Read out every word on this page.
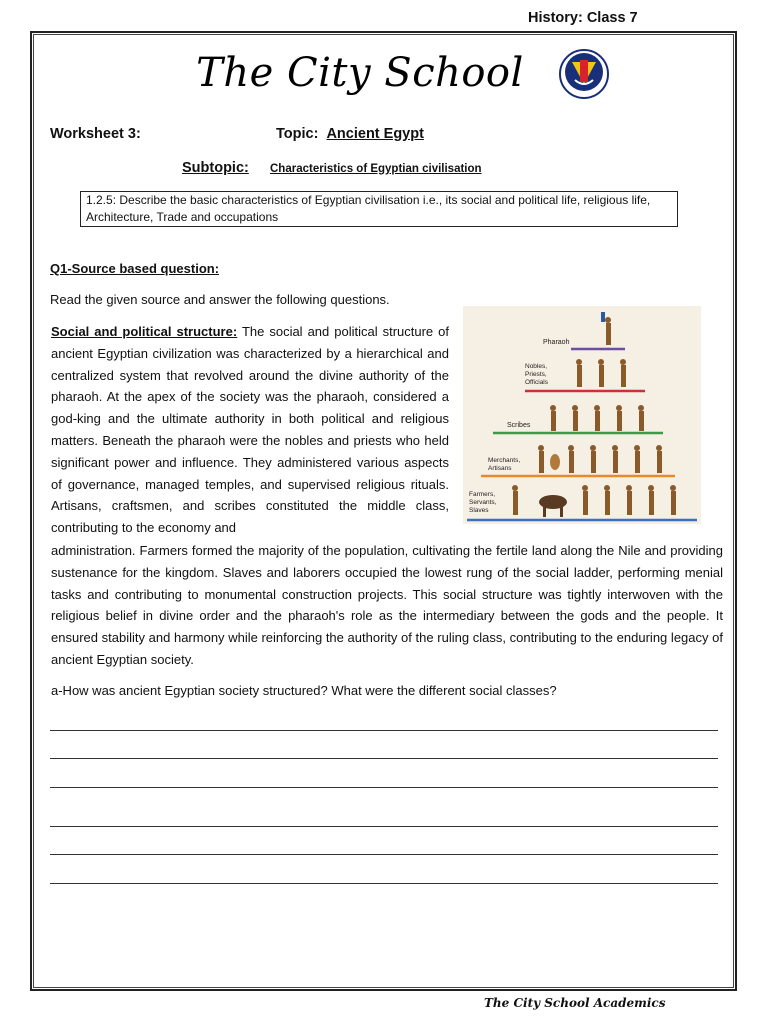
History: Class 7
The City School
Worksheet 3:	Topic: Ancient Egypt
Subtopic: Characteristics of Egyptian civilisation
1.2.5: Describe the basic characteristics of Egyptian civilisation i.e., its social and political life, religious life, Architecture, Trade and occupations
Q1-Source based question:
Read the given source and answer the following questions.
Social and political structure: The social and political structure of ancient Egyptian civilization was characterized by a hierarchical and centralized system that revolved around the divine authority of the pharaoh. At the apex of the society was the pharaoh, considered a god-king and the ultimate authority in both political and religious matters. Beneath the pharaoh were the nobles and priests who held significant power and influence. They administered various aspects of governance, managed temples, and supervised religious rituals. Artisans, craftsmen, and scribes constituted the middle class, contributing to the economy and
Pharaoh
Nobles, Priests, Officials
Scribes
Merchants, Artisans
Farmers, Servants, Slaves
administration. Farmers formed the majority of the population, cultivating the fertile land along the Nile and providing sustenance for the kingdom. Slaves and laborers occupied the lowest rung of the social ladder, performing menial tasks and contributing to monumental construction projects. This social structure was tightly interwoven with the religious belief in divine order and the pharaoh's role as the intermediary between the gods and the people. It ensured stability and harmony while reinforcing the authority of the ruling class, contributing to the enduring legacy of ancient Egyptian society.
a-How was ancient Egyptian society structured? What were the different social classes?
The City School Academics
